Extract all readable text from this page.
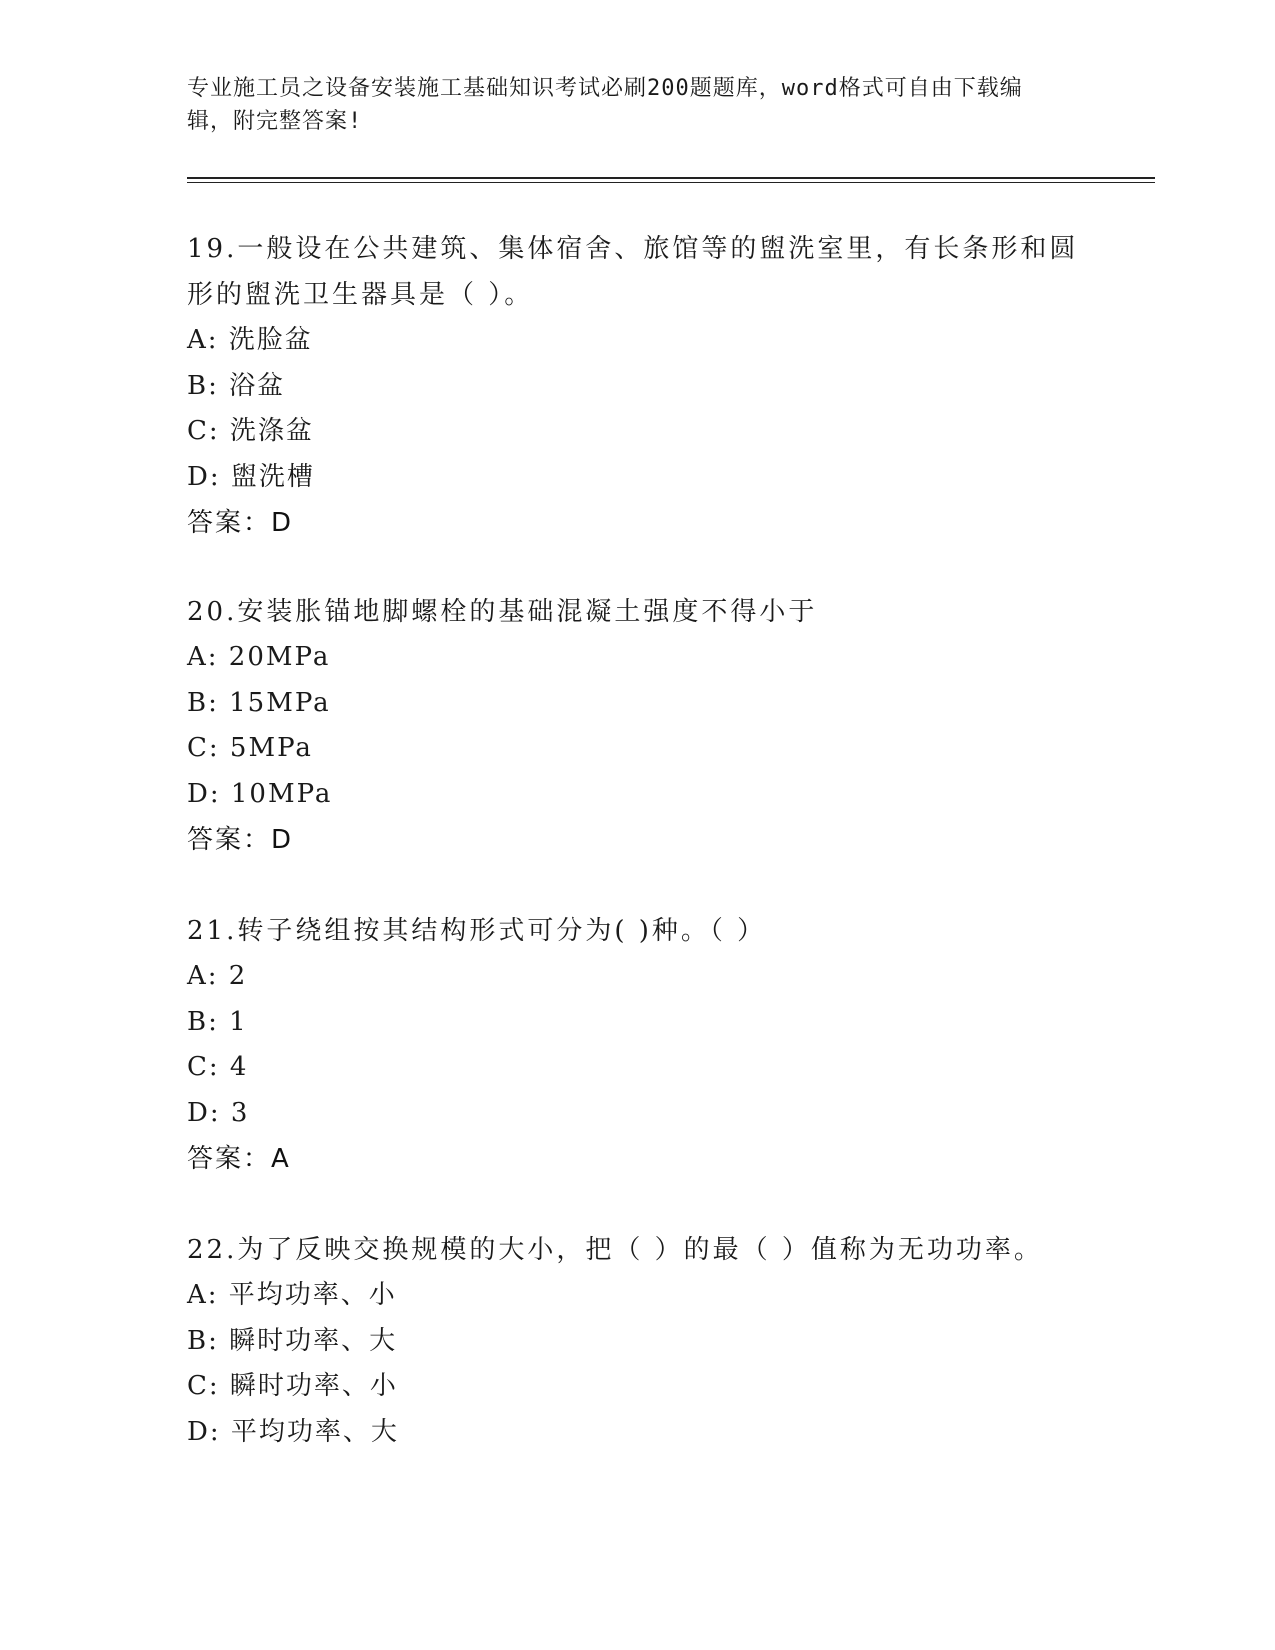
专业施工员之设备安装施工基础知识考试必刷200题题库，word格式可自由下载编辑，附完整答案!

19.一般设在公共建筑、集体宿舍、旅馆等的盥洗室里，有长条形和圆形的盥洗卫生器具是（ ）。

A: 洗脸盆
B: 浴盆
C: 洗涤盆
D: 盥洗槽
答案：D

20.安装胀锚地脚螺栓的基础混凝土强度不得小于

A: 20MPa
B: 15MPa
C: 5MPa
D: 10MPa
答案：D

21.转子绕组按其结构形式可分为( )种。（ ）

A: 2
B: 1
C: 4
D: 3
答案：A

22.为了反映交换规模的大小，把（ ）的最（ ）值称为无功功率。

A: 平均功率、小
B: 瞬时功率、大
C: 瞬时功率、小
D: 平均功率、大
